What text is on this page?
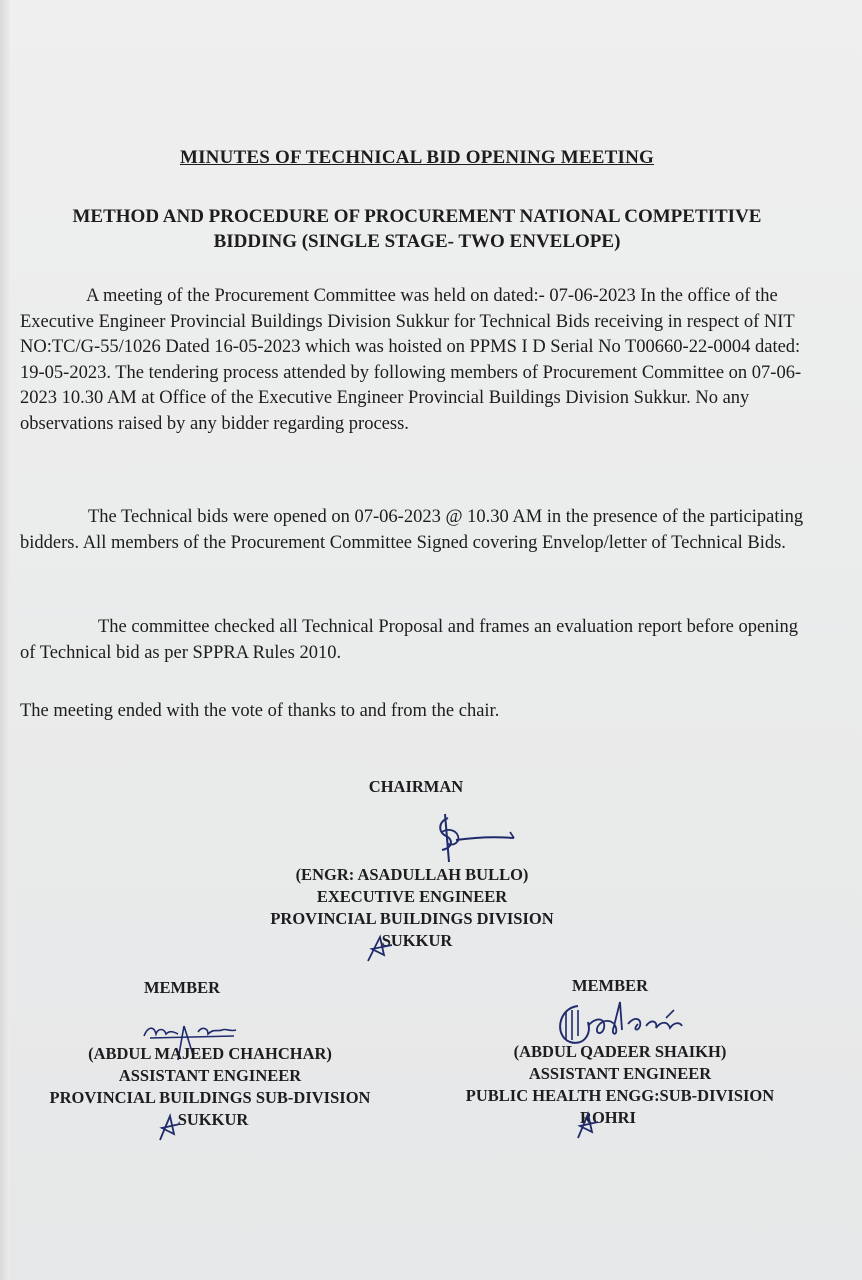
MINUTES OF TECHNICAL BID OPENING MEETING
METHOD AND PROCEDURE OF PROCUREMENT NATIONAL COMPETITIVE
BIDDING (SINGLE STAGE- TWO ENVELOPE)
A meeting of the Procurement Committee was held on dated:- 07-06-2023 In the office of the Executive Engineer Provincial Buildings Division Sukkur for Technical Bids receiving in respect of NIT NO:TC/G-55/1026 Dated 16-05-2023 which was hoisted on PPMS I D Serial No T00660-22-0004 dated: 19-05-2023. The tendering process attended by following members of Procurement Committee on 07-06-2023 10.30 AM at Office of the Executive Engineer Provincial Buildings Division Sukkur. No any observations raised by any bidder regarding process.
The Technical bids were opened on 07-06-2023 @ 10.30 AM in the presence of the participating bidders. All members of the Procurement Committee Signed covering Envelop/letter of Technical Bids.
The committee checked all Technical Proposal and frames an evaluation report before opening of Technical bid as per SPPRA Rules 2010.
The meeting ended with the vote of thanks to and from the chair.
CHAIRMAN
(ENGR: ASADULLAH BULLO)
EXECUTIVE ENGINEER
PROVINCIAL BUILDINGS DIVISION
SUKKUR
MEMBER
(ABDUL MAJEED CHAHCHAR)
ASSISTANT ENGINEER
PROVINCIAL BUILDINGS SUB-DIVISION
SUKKUR
MEMBER
(ABDUL QADEER SHAIKH)
ASSISTANT ENGINEER
PUBLIC HEALTH ENGG:SUB-DIVISION
ROHRI
